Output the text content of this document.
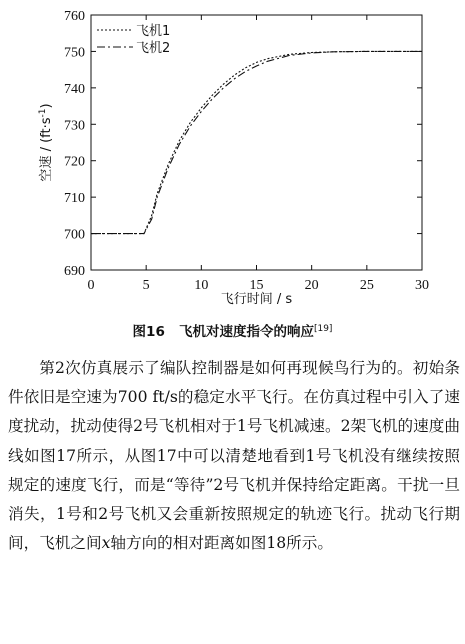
0	5	10	15	20	25	30
690
700
710
720
730
740
750
760
飞行时间 / s
空速 / $(ft\cdot s^{-1})$
飞机1
飞机2
图16 飞机对速度指令的响应[19]

第2次仿真展示了编队控制器是如何再现候鸟行为的。初始条件依旧是空速为700 ft/s的稳定水平飞行。在仿真过程中引入了速度扰动，扰动使得2号飞机相对于1号飞机减速。2架飞机的速度曲线如图17所示，从图17中可以清楚地看到1号飞机没有继续按照规定的速度飞行，而是“等待”2号飞机并保持给定距离。干扰一旦消失，1号和2号飞机又会重新按照规定的轨迹飞行。扰动飞行期间，飞机之间x轴方向的相对距离如图18所示。
